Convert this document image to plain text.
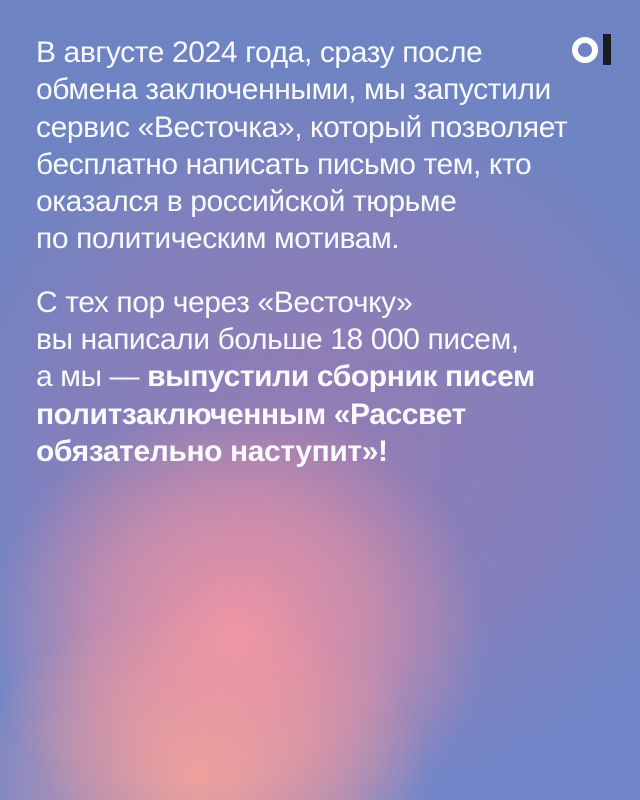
В августе 2024 года, сразу после
обмена заключенными, мы запустили
сервис «Весточка», который позволяет
бесплатно написать письмо тем, кто
оказался в российской тюрьме
по политическим мотивам.

С тех пор через «Весточку»
вы написали больше 18 000 писем,
а мы — выпустили сборник писем
политзаключенным «Рассвет
обязательно наступит»!
